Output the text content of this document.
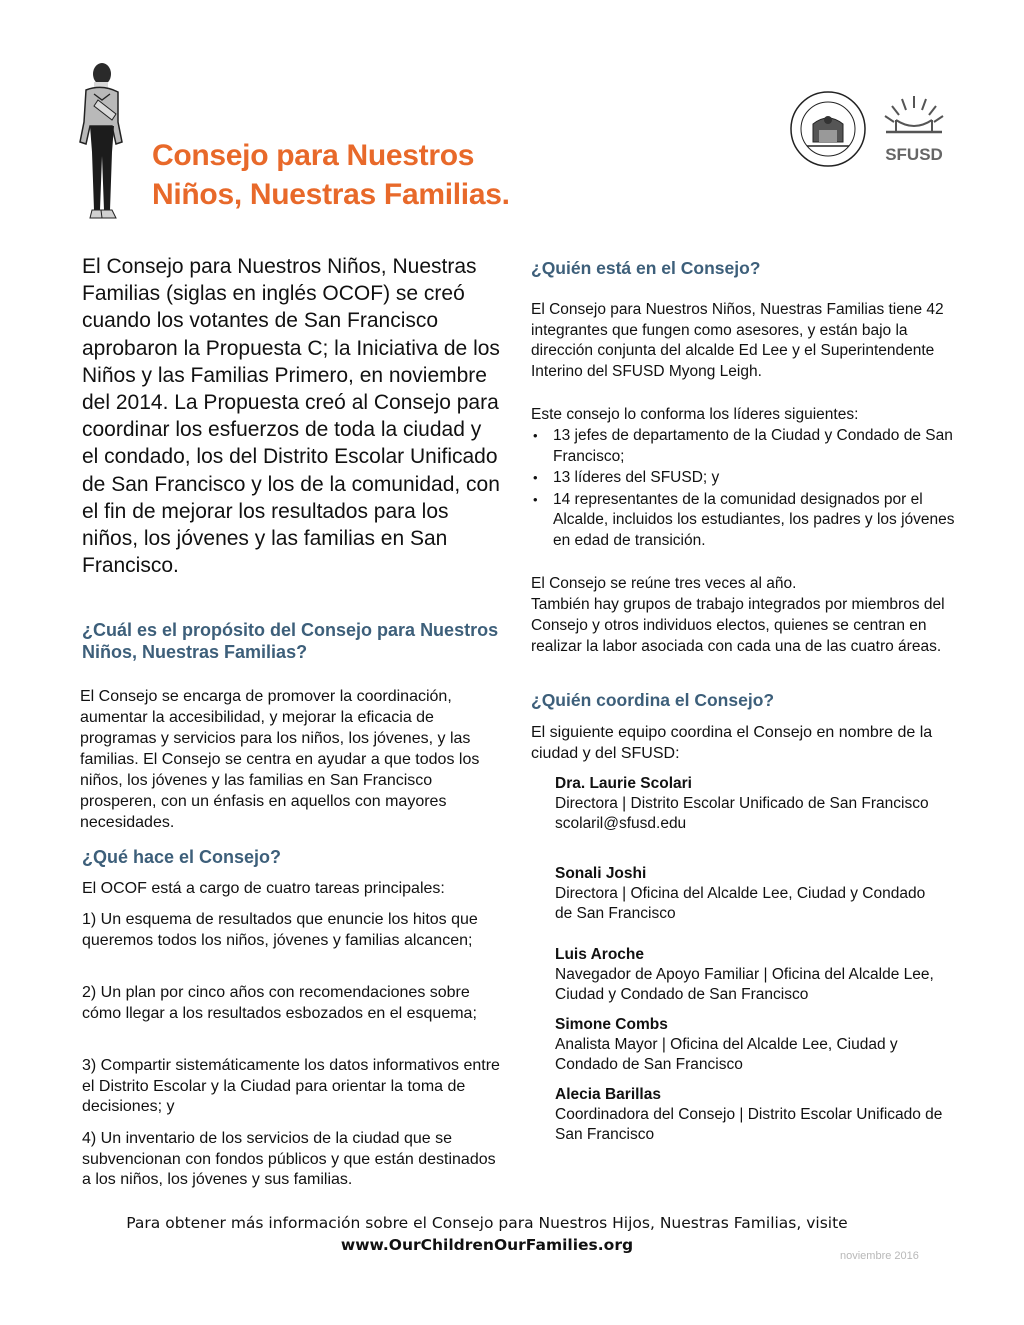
Consejo para Nuestros
Niños, Nuestras Familias.
SFUSD

El Consejo para Nuestros Niños, Nuestras Familias (siglas en inglés OCOF) se creó cuando los votantes de San Francisco aprobaron la Propuesta C; la Iniciativa de los Niños y las Familias Primero, en noviembre del 2014. La Propuesta creó al Consejo para coordinar los esfuerzos de toda la ciudad y el condado, los del Distrito Escolar Unificado de San Francisco y los de la comunidad, con el fin de mejorar los resultados para los niños, los jóvenes y las familias en San Francisco.

¿Cuál es el propósito del Consejo para Nuestros Niños, Nuestras Familias?

El Consejo se encarga de promover la coordinación, aumentar la accesibilidad, y mejorar la eficacia de programas y servicios para los niños, los jóvenes, y las familias. El Consejo se centra en ayudar a que todos los niños, los jóvenes y las familias en San Francisco prosperen, con un énfasis en aquellos con mayores necesidades.

¿Qué hace el Consejo?

El OCOF está a cargo de cuatro tareas principales:

1) Un esquema de resultados que enuncie los hitos que queremos todos los niños, jóvenes y familias alcancen;

2) Un plan por cinco años con recomendaciones sobre cómo llegar a los resultados esbozados en el esquema;

3) Compartir sistemáticamente los datos informativos entre el Distrito Escolar y la Ciudad para orientar la toma de decisiones; y

4) Un inventario de los servicios de la ciudad que se subvencionan con fondos públicos y que están destinados a los niños, los jóvenes y sus familias.

¿Quién está en el Consejo?

El Consejo para Nuestros Niños, Nuestras Familias tiene 42 integrantes que fungen como asesores, y están bajo la dirección conjunta del alcalde Ed Lee y el Superintendente Interino del SFUSD Myong Leigh.

Este consejo lo conforma los líderes siguientes:

• 13 jefes de departamento de la Ciudad y Condado de San Francisco;
• 13 líderes del SFUSD; y
• 14 representantes de la comunidad designados por el Alcalde, incluidos los estudiantes, los padres y los jóvenes en edad de transición.

El Consejo se reúne tres veces al año.
También hay grupos de trabajo integrados por miembros del Consejo y otros individuos electos, quienes se centran en realizar la labor asociada con cada una de las cuatro áreas.

¿Quién coordina el Consejo?

El siguiente equipo coordina el Consejo en nombre de la ciudad y del SFUSD:

Dra. Laurie Scolari
Directora | Distrito Escolar Unificado de San Francisco
scolaril@sfusd.edu
Sonali Joshi
Directora | Oficina del Alcalde Lee, Ciudad y Condado de San Francisco
Luis Aroche
Navegador de Apoyo Familiar | Oficina del Alcalde Lee, Ciudad y Condado de San Francisco
Simone Combs
Analista Mayor | Oficina del Alcalde Lee, Ciudad y Condado de San Francisco
Alecia Barillas
Coordinadora del Consejo | Distrito Escolar Unificado de San Francisco

Para obtener más información sobre el Consejo para Nuestros Hijos, Nuestras Familias, visite

www.OurChildrenOurFamilies.org

noviembre 2016
